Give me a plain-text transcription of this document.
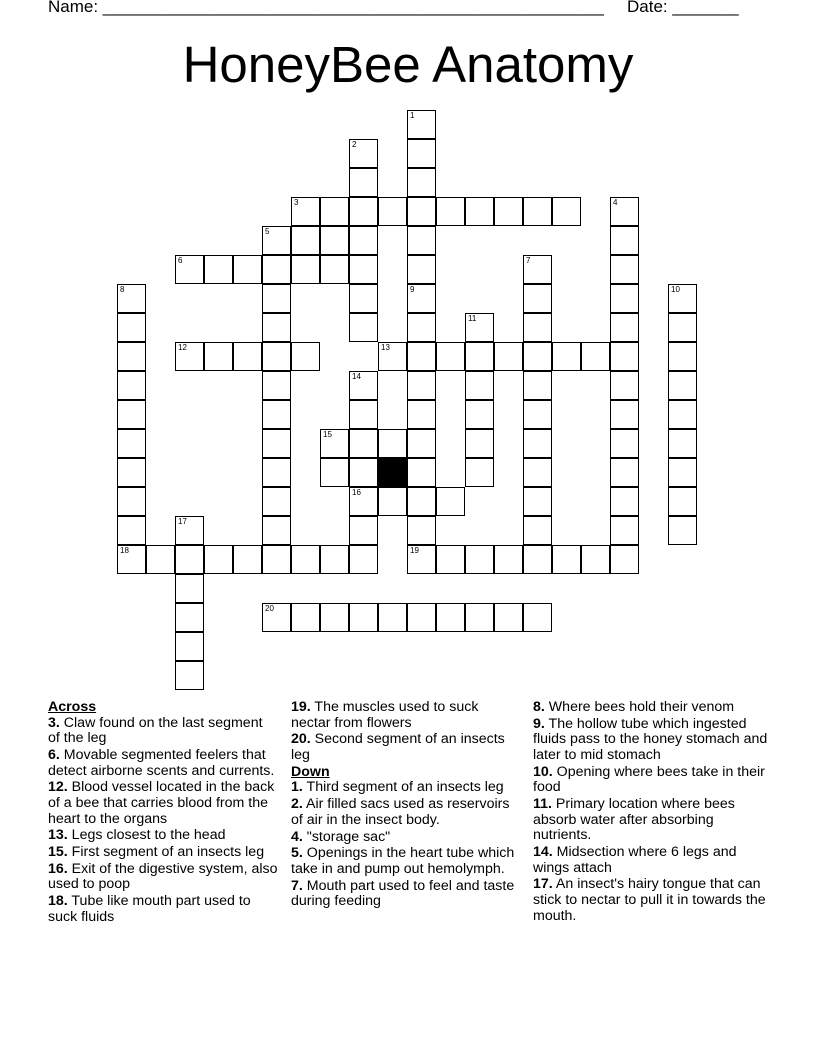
Name: _____________________________________________________ Date: _______
HoneyBee Anatomy
3
5
6
12	13
15
16
18	19
20
1
2
4
7
8	9	10
11
14
17
Across
3. Claw found on the last segment of the leg
6. Movable segmented feelers that detect airborne scents and currents.
12. Blood vessel located in the back of a bee that carries blood from the heart to the organs
13. Legs closest to the head
15. First segment of an insects leg
16. Exit of the digestive system, also used to poop
18. Tube like mouth part used to suck fluids
19. The muscles used to suck nectar from flowers
20. Second segment of an insects leg
Down
1. Third segment of an insects leg
2. Air filled sacs used as reservoirs of air in the insect body.
4. "storage sac"
5. Openings in the heart tube which take in and pump out hemolymph.
7. Mouth part used to feel and taste during feeding
8. Where bees hold their venom
9. The hollow tube which ingested fluids pass to the honey stomach and later to mid stomach
10. Opening where bees take in their food
11. Primary location where bees absorb water after absorbing nutrients.
14. Midsection where 6 legs and wings attach
17. An insect's hairy tongue that can stick to nectar to pull it in towards the mouth.
